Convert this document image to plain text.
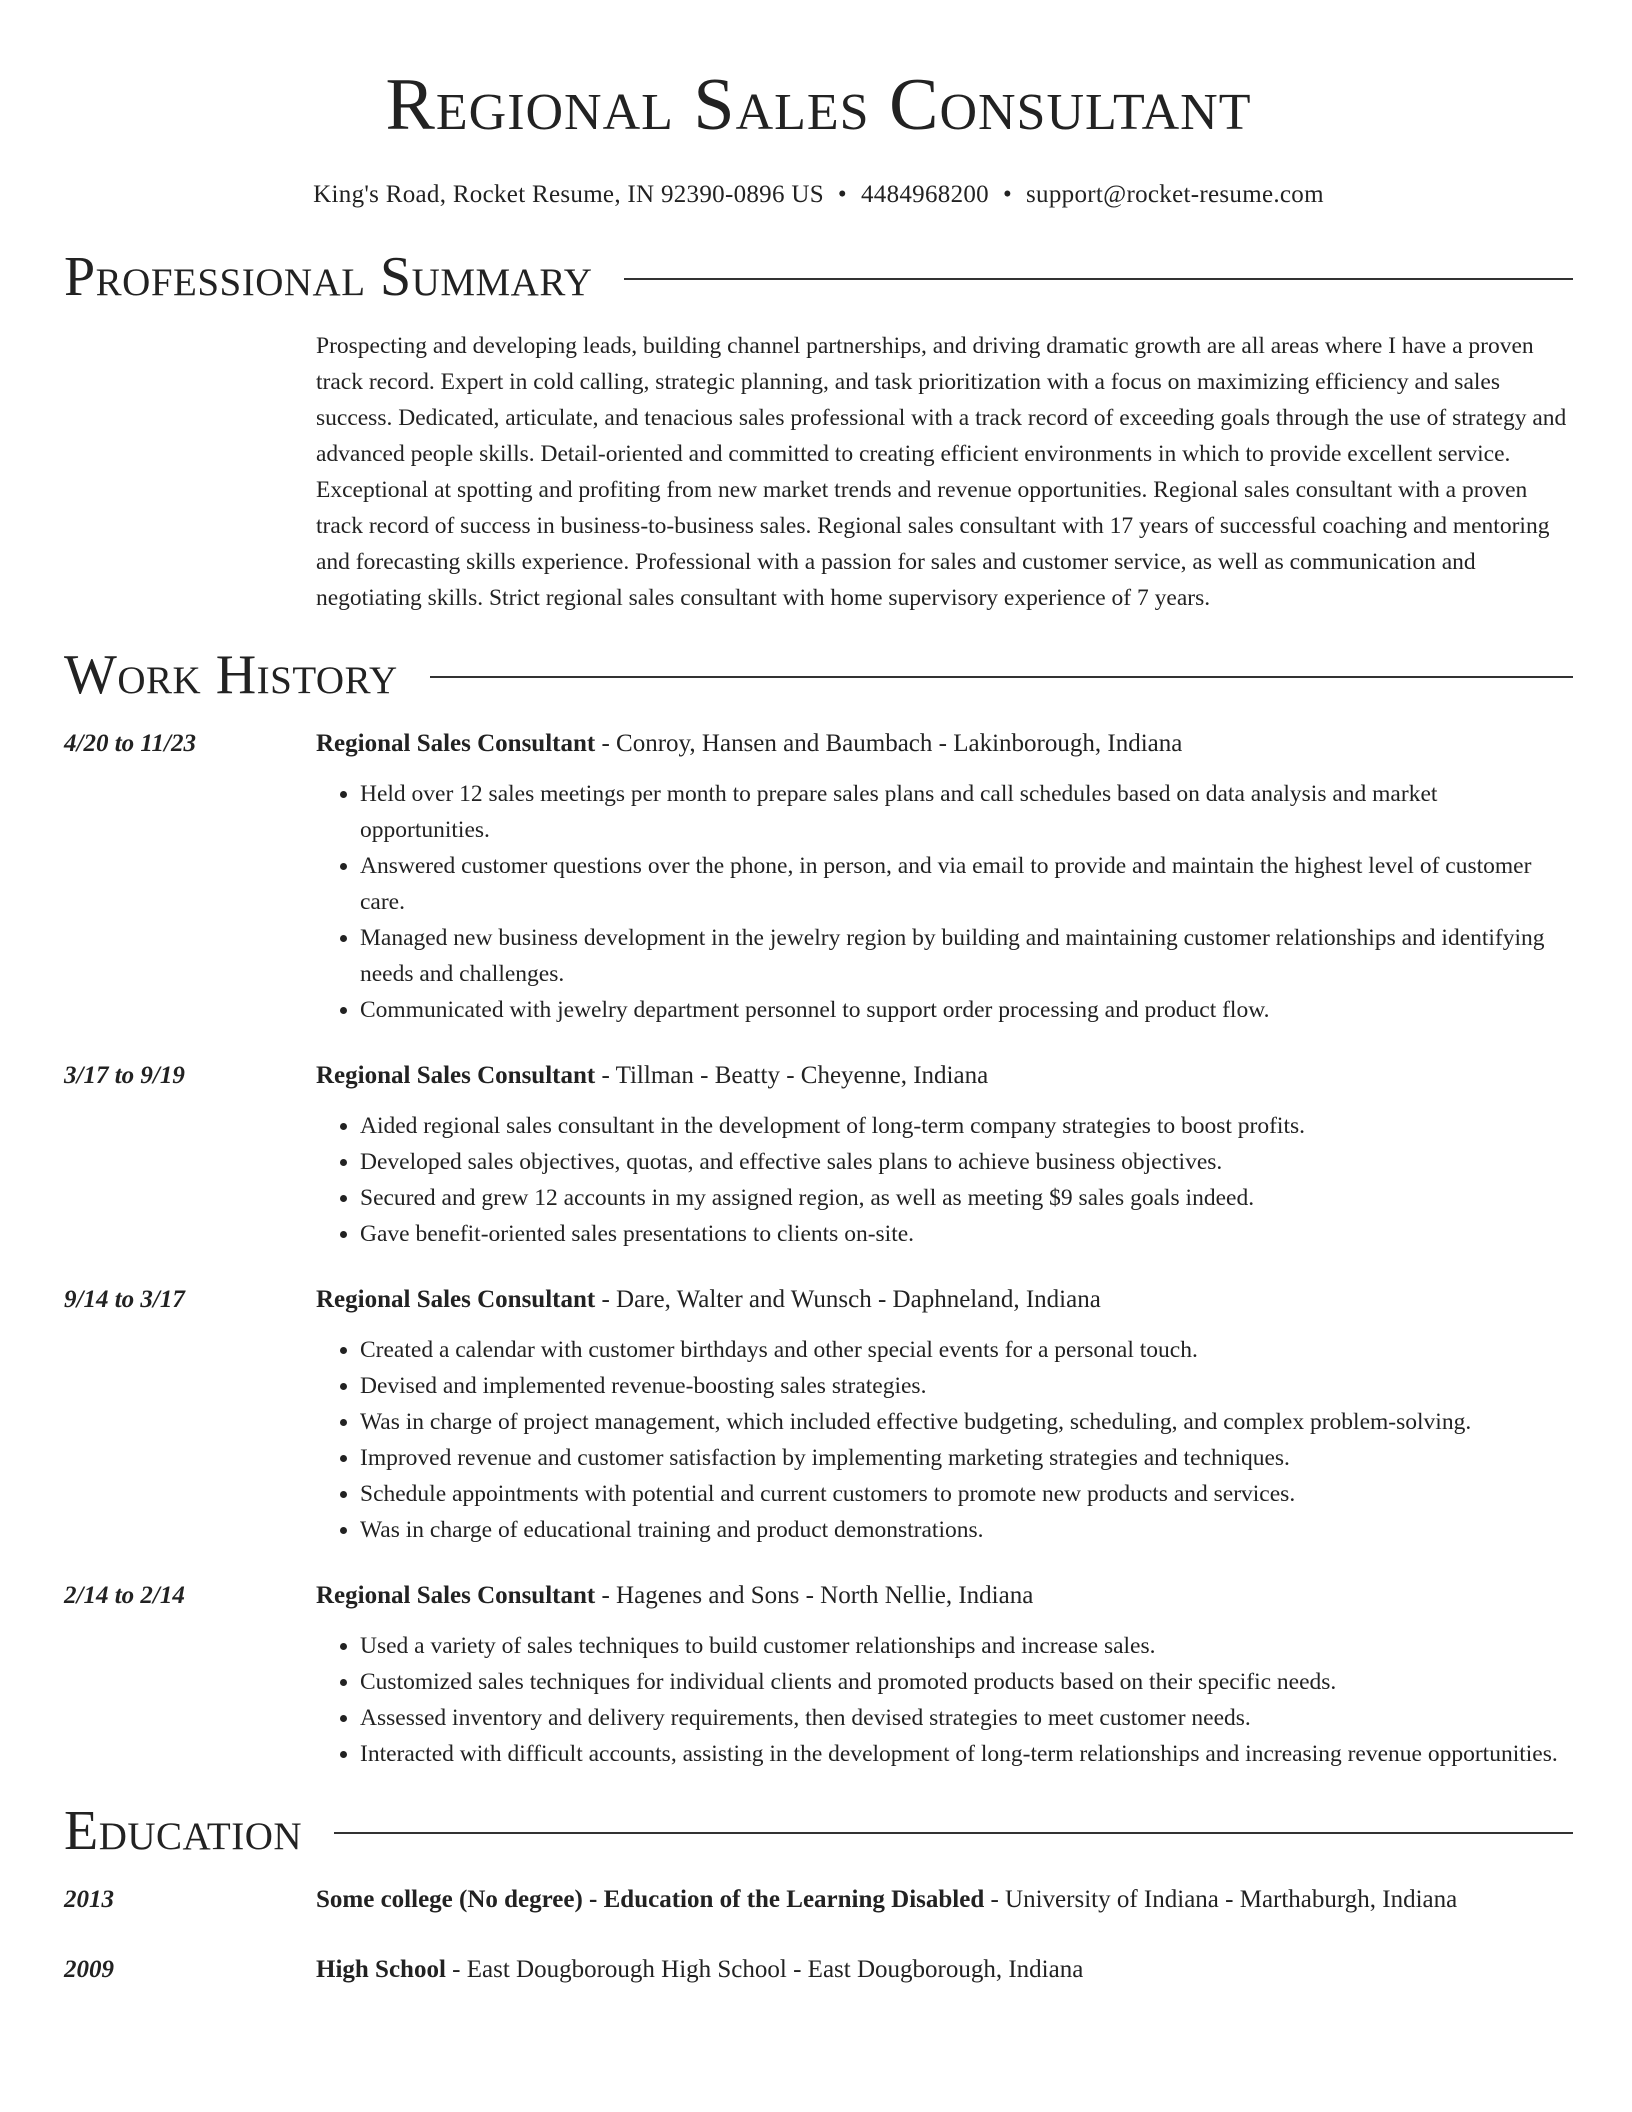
Regional Sales Consultant
King's Road, Rocket Resume, IN 92390-0896 US • 4484968200 • support@rocket-resume.com
Professional Summary

Prospecting and developing leads, building channel partnerships, and driving dramatic growth are all areas where I have a proven track record. Expert in cold calling, strategic planning, and task prioritization with a focus on maximizing efficiency and sales success. Dedicated, articulate, and tenacious sales professional with a track record of exceeding goals through the use of strategy and advanced people skills. Detail-oriented and committed to creating efficient environments in which to provide excellent service. Exceptional at spotting and profiting from new market trends and revenue opportunities. Regional sales consultant with a proven track record of success in business-to-business sales. Regional sales consultant with 17 years of successful coaching and mentoring and forecasting skills experience. Professional with a passion for sales and customer service, as well as communication and negotiating skills. Strict regional sales consultant with home supervisory experience of 7 years.

Work History
4/20 to 11/23	Regional Sales Consultant - Conroy, Hansen and Baumbach - Lakinborough, Indiana
• Held over 12 sales meetings per month to prepare sales plans and call schedules based on data analysis and market opportunities.
• Answered customer questions over the phone, in person, and via email to provide and maintain the highest level of customer care.
• Managed new business development in the jewelry region by building and maintaining customer relationships and identifying needs and challenges.
• Communicated with jewelry department personnel to support order processing and product flow.
3/17 to 9/19	Regional Sales Consultant - Tillman - Beatty - Cheyenne, Indiana
• Aided regional sales consultant in the development of long-term company strategies to boost profits.
• Developed sales objectives, quotas, and effective sales plans to achieve business objectives.
• Secured and grew 12 accounts in my assigned region, as well as meeting $9 sales goals indeed.
• Gave benefit-oriented sales presentations to clients on-site.
9/14 to 3/17	Regional Sales Consultant - Dare, Walter and Wunsch - Daphneland, Indiana
• Created a calendar with customer birthdays and other special events for a personal touch.
• Devised and implemented revenue-boosting sales strategies.
• Was in charge of project management, which included effective budgeting, scheduling, and complex problem-solving.
• Improved revenue and customer satisfaction by implementing marketing strategies and techniques.
• Schedule appointments with potential and current customers to promote new products and services.
• Was in charge of educational training and product demonstrations.
2/14 to 2/14	Regional Sales Consultant - Hagenes and Sons - North Nellie, Indiana
• Used a variety of sales techniques to build customer relationships and increase sales.
• Customized sales techniques for individual clients and promoted products based on their specific needs.
• Assessed inventory and delivery requirements, then devised strategies to meet customer needs.
• Interacted with difficult accounts, assisting in the development of long-term relationships and increasing revenue opportunities.
Education
2013	Some college (No degree) - Education of the Learning Disabled - University of Indiana - Marthaburgh, Indiana
2009	High School - East Dougborough High School - East Dougborough, Indiana
